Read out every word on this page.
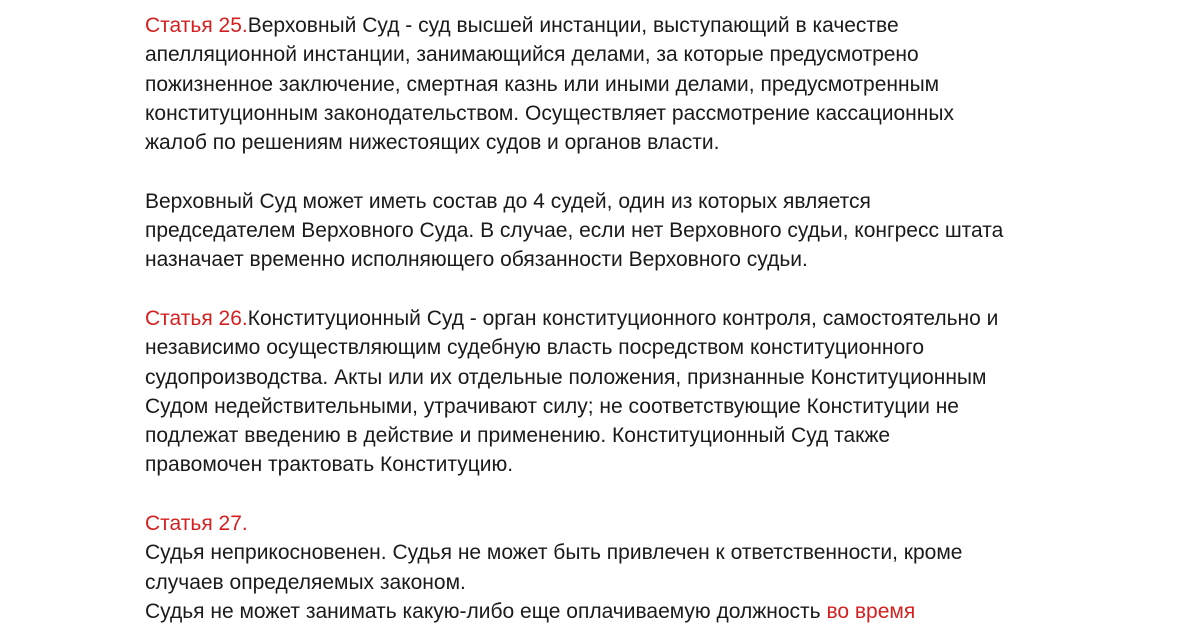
Статья 25.Верховный Суд - суд высшей инстанции, выступающий в качестве
апелляционной инстанции, занимающийся делами, за которые предусмотрено
пожизненное заключение, смертная казнь или иными делами, предусмотренным
конституционным законодательством. Осуществляет рассмотрение кассационных
жалоб по решениям нижестоящих судов и органов власти.
Верховный Суд может иметь состав до 4 судей, один из которых является
председателем Верховного Суда. В случае, если нет Верховного судьи, конгресс штата
назначает временно исполняющего обязанности Верховного судьи.
Статья 26.Конституционный Суд - орган конституционного контроля, самостоятельно и
независимо осуществляющим судебную власть посредством конституционного
судопроизводства. Акты или их отдельные положения, признанные Конституционным
Судом недействительными, утрачивают силу; не соответствующие Конституции не
подлежат введению в действие и применению. Конституционный Суд также
правомочен трактовать Конституцию.
Статья 27.
Судья неприкосновенен. Судья не может быть привлечен к ответственности, кроме
случаев определяемых законом.
Судья не может занимать какую-либо еще оплачиваемую должность во время
